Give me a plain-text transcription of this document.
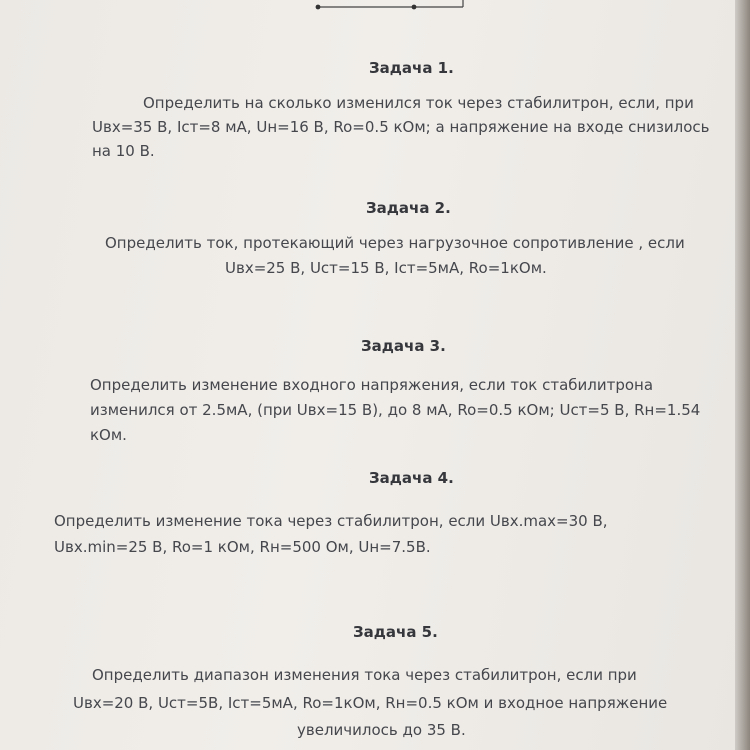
Задача 1.
Определить на сколько изменился ток через стабилитрон, если, при
Uвх=35 В, Iст=8 мА, Uн=16 В, Ro=0.5 кОм; а напряжение на входе снизилось
на 10 В.
Задача 2.
Определить ток, протекающий через нагрузочное сопротивление , если
Uвх=25 В, Uст=15 В, Iст=5мА, Ro=1кОм.
Задача 3.
Определить изменение входного напряжения, если ток стабилитрона
изменился от 2.5мА, (при Uвх=15 В), до 8 мА, Ro=0.5 кОм; Uст=5 В, Rн=1.54
кОм.
Задача 4.
Определить изменение тока через стабилитрон, если Uвх.max=30 В,
Uвх.min=25 В, Ro=1 кОм, Rн=500 Ом, Uн=7.5В.
Задача 5.
Определить диапазон изменения тока через стабилитрон, если при
Uвх=20 В, Uст=5В, Iст=5мА, Ro=1кОм, Rн=0.5 кОм и входное напряжение
увеличилось до 35 В.
